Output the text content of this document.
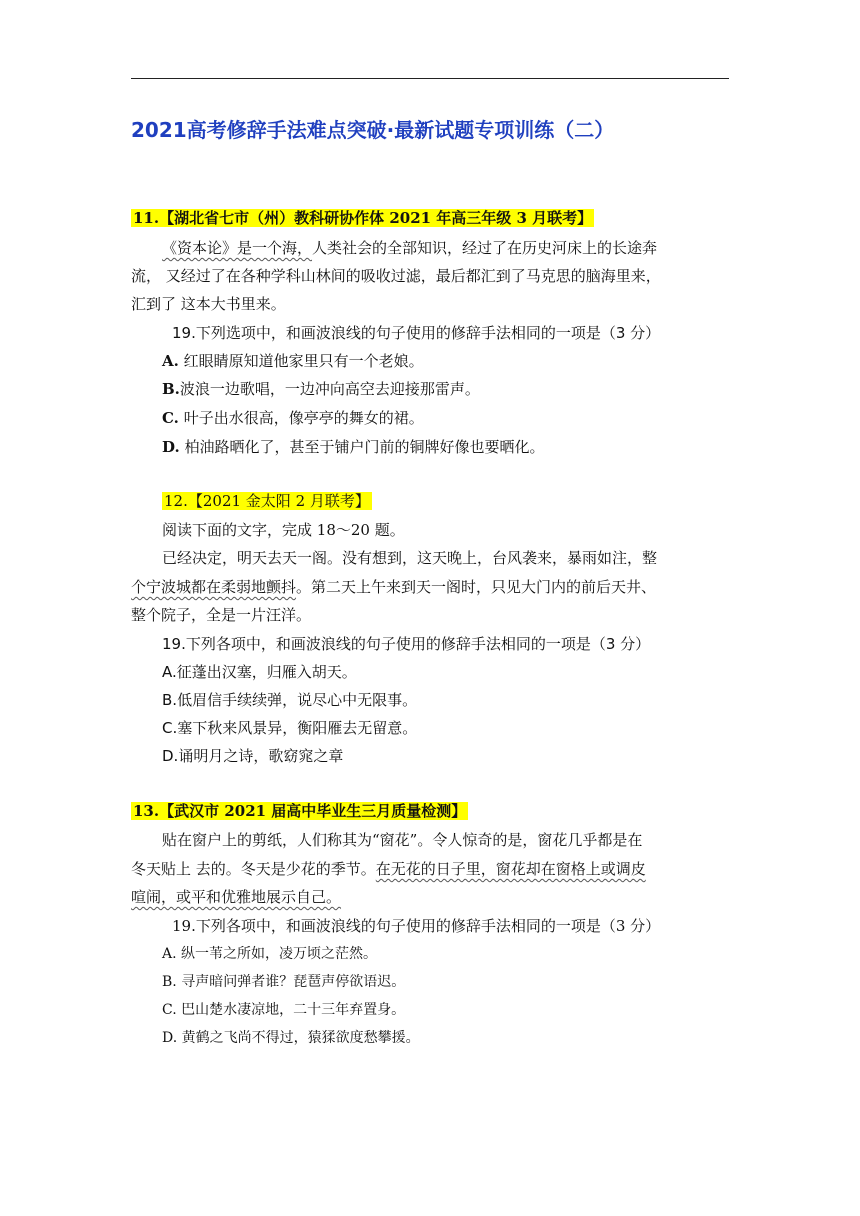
2021高考修辞手法难点突破·最新试题专项训练（二）
11.【湖北省七市（州）教科研协作体 2021 年高三年级 3 月联考】
《资本论》是一个海，人类社会的全部知识，经过了在历史河床上的长途奔
流， 又经过了在各种学科山林间的吸收过滤，最后都汇到了马克思的脑海里来，
汇到了 这本大书里来。
19.下列选项中，和画波浪线的句子使用的修辞手法相同的一项是（3 分）
A. 红眼睛原知道他家里只有一个老娘。
B.波浪一边歌唱，一边冲向高空去迎接那雷声。
C. 叶子出水很高，像亭亭的舞女的裙。
D. 柏油路晒化了，甚至于铺户门前的铜牌好像也要晒化。
12.【2021 金太阳 2 月联考】
阅读下面的文字，完成 18～20 题。
已经决定，明天去天一阁。没有想到，这天晚上，台风袭来，暴雨如注，整
个宁波城都在柔弱地颤抖。第二天上午来到天一阁时，只见大门内的前后天井、
整个院子，全是一片汪洋。
19.下列各项中，和画波浪线的句子使用的修辞手法相同的一项是（3 分）
A.征蓬出汉塞，归雁入胡天。
B.低眉信手续续弹，说尽心中无限事。
C.塞下秋来风景异，衡阳雁去无留意。
D.诵明月之诗，歌窈窕之章
13.【武汉市 2021 届高中毕业生三月质量检测】
贴在窗户上的剪纸，人们称其为“窗花”。令人惊奇的是，窗花几乎都是在
冬天贴上 去的。冬天是少花的季节。在无花的日子里，窗花却在窗格上或调皮
喧闹，或平和优雅地展示自己。
19.下列各项中，和画波浪线的句子使用的修辞手法相同的一项是（3 分）
A. 纵一苇之所如，凌万顷之茫然。
B. 寻声暗问弹者谁？琵琶声停欲语迟。
C. 巴山楚水凄凉地，二十三年弃置身。
D. 黄鹤之飞尚不得过，猿猱欲度愁攀援。
